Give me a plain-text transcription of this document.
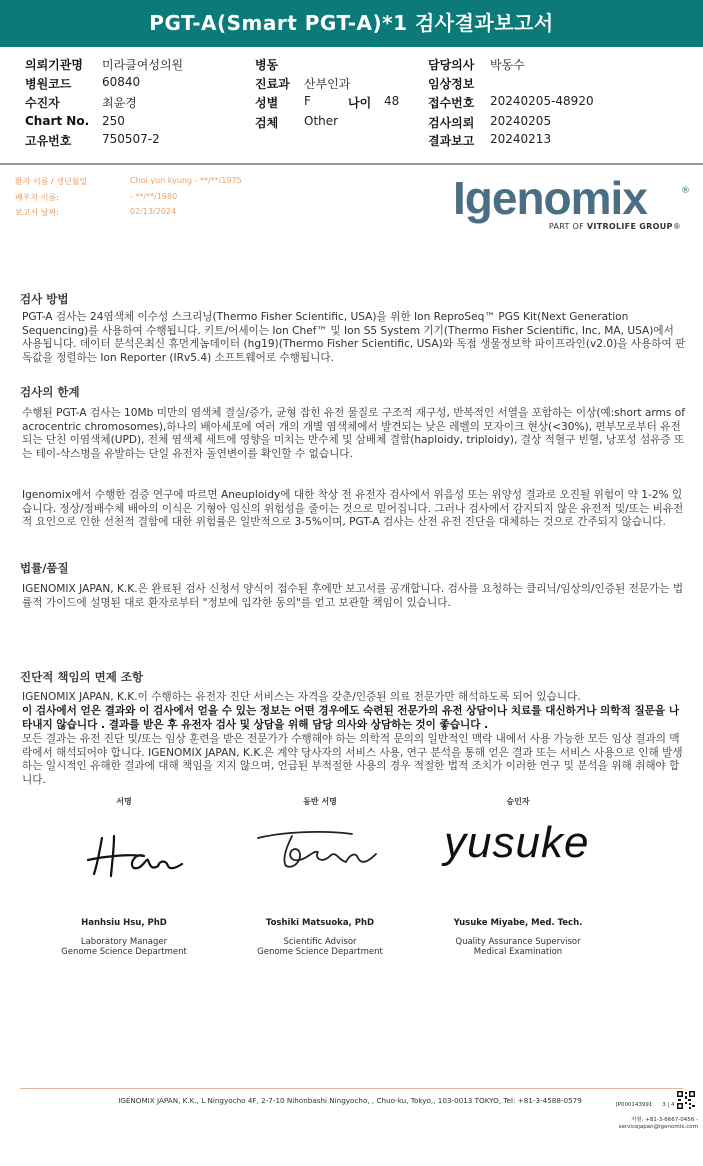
PGT-A(Smart PGT-A)*1 검사결과보고서
의뢰기관명 미라클여성의원
병원코드	60840
수진자	최윤경
Chart No. 250
고유번호	750507-2
병동
진료과 산부인과
성별 F	나이 48
검체 Other
담당의사 박동수
임상정보
접수번호 20240205-48920
검사의뢰 20240205
결과보고 20240213
환자 이름 / 생년월일	Choi yun kyung - **/**/1975
배우자 이름:	- **/**/1980
보고서 날짜:	02/13/2024	Igenomix	®
PART OF VITROLIFE GROUP®
검사 방법
PGT-A 검사는 24염색체 이수성 스크리닝(Thermo Fisher Scientific, USA)을 위한 Ion ReproSeq™ PGS Kit(Next Generation Sequencing)를 사용하여 수행됩니다. 키트/어세이는 Ion Chef™ 및 Ion S5 System 기기(Thermo Fisher Scientific, Inc, MA, USA)에서 사용됩니다. 데이터 분석은최신 휴먼게놈데이터 (hg19)(Thermo Fisher Scientific, USA)와 독점 생물정보학 파이프라인(v2.0)을 사용하여 판독값을 정렬하는 Ion Reporter (IRv5.4) 소프트웨어로 수행됩니다.
검사의 한계
수행된 PGT-A 검사는 10Mb 미만의 염색체 결실/증가, 균형 잡힌 유전 물질로 구조적 재구성, 반복적인 서열을 포함하는 이상(예:short arms of acrocentric chromosomes),하나의 배아세포에 여러 개의 개별 염색체에서 발견되는 낮은 레벨의 모자이크 현상(<30%), 편부모로부터 유전되는 단친 이염색체(UPD), 전체 염색체 세트에 영향을 미치는 반수체 및 삼배체 결함(haploidy, triploidy), 결상 적혈구 빈혈, 낭포성 섬유증 또는 테이-삭스병을 유발하는 단일 유전자 돌연변이를 확인할 수 없습니다.
Igenomix에서 수행한 검증 연구에 따르면 Aneuploidy에 대한 착상 전 유전자 검사에서 위음성 또는 위양성 결과로 오진될 위험이 약 1-2% 있습니다. 정상/정배수체 배아의 이식은 기형아 임신의 위험성을 줄이는 것으로 믿어집니다. 그러나 검사에서 감지되지 않은 유전적 및/또는 비유전적 요인으로 인한 선천적 결함에 대한 위험률은 일반적으로 3-5%이며, PGT-A 검사는 산전 유전 진단을 대체하는 것으로 간주되지 않습니다.
법률/품질
IGENOMIX JAPAN, K.K.은 완료된 검사 신청서 양식이 접수된 후에만 보고서를 공개합니다. 검사를 요청하는 클리닉/임상의/인증된 전문가는 법률적 가이드에 설명된 대로 환자로부터 "정보에 입각한 동의"를 얻고 보관할 책임이 있습니다.
진단적 책임의 면제 조항
IGENOMIX JAPAN, K.K.이 수행하는 유전자 진단 서비스는 자격을 갖춘/인증된 의료 전문가만 해석하도록 되어 있습니다.
이 검사에서 얻은 결과와 이 검사에서 얻을 수 있는 정보는 어떤 경우에도 숙련된 전문가의 유전 상담이나 치료를 대신하거나 의학적 질문을 나타내지 않습니다 . 결과를 받은 후 유전자 검사 및 상담을 위해 담당 의사와 상담하는 것이 좋습니다 .
모든 결과는 유전 진단 및/또는 임상 훈련을 받은 전문가가 수행해야 하는 의학적 문의의 일반적인 맥락 내에서 사용 가능한 모든 임상 결과의 맥락에서 해석되어야 합니다. IGENOMIX JAPAN, K.K.은 계약 당사자의 서비스 사용, 연구 분석을 통해 얻은 결과 또는 서비스 사용으로 인해 발생하는 일시적인 유해한 결과에 대해 책임을 지지 않으며, 언급된 부적절한 사용의 경우 적절한 법적 조치가 이러한 연구 및 분석을 위해 취해야 합니다.
서명
Hanhsiu Hsu, PhD
Laboratory Manager
Genome Science Department
동반 서명
Toshiki Matsuoka, PhD
Scientific Advisor
Genome Science Department
승인자
yusuke
Yusuke Miyabe, Med. Tech.
Quality Assurance Supervisor
Medical Examination
IGENOMIX JAPAN, K.K., L Ningyocho 4F, 2-7-10 Nihonbashi Ningyocho, , Chuo-ku, Tokyo,, 103-0013 TOKYO, Tel: +81-3-4588-0579	JP000143991 3 | 4
지원: +81-3-6667-0456 -
servicejapan@igenomix.com
